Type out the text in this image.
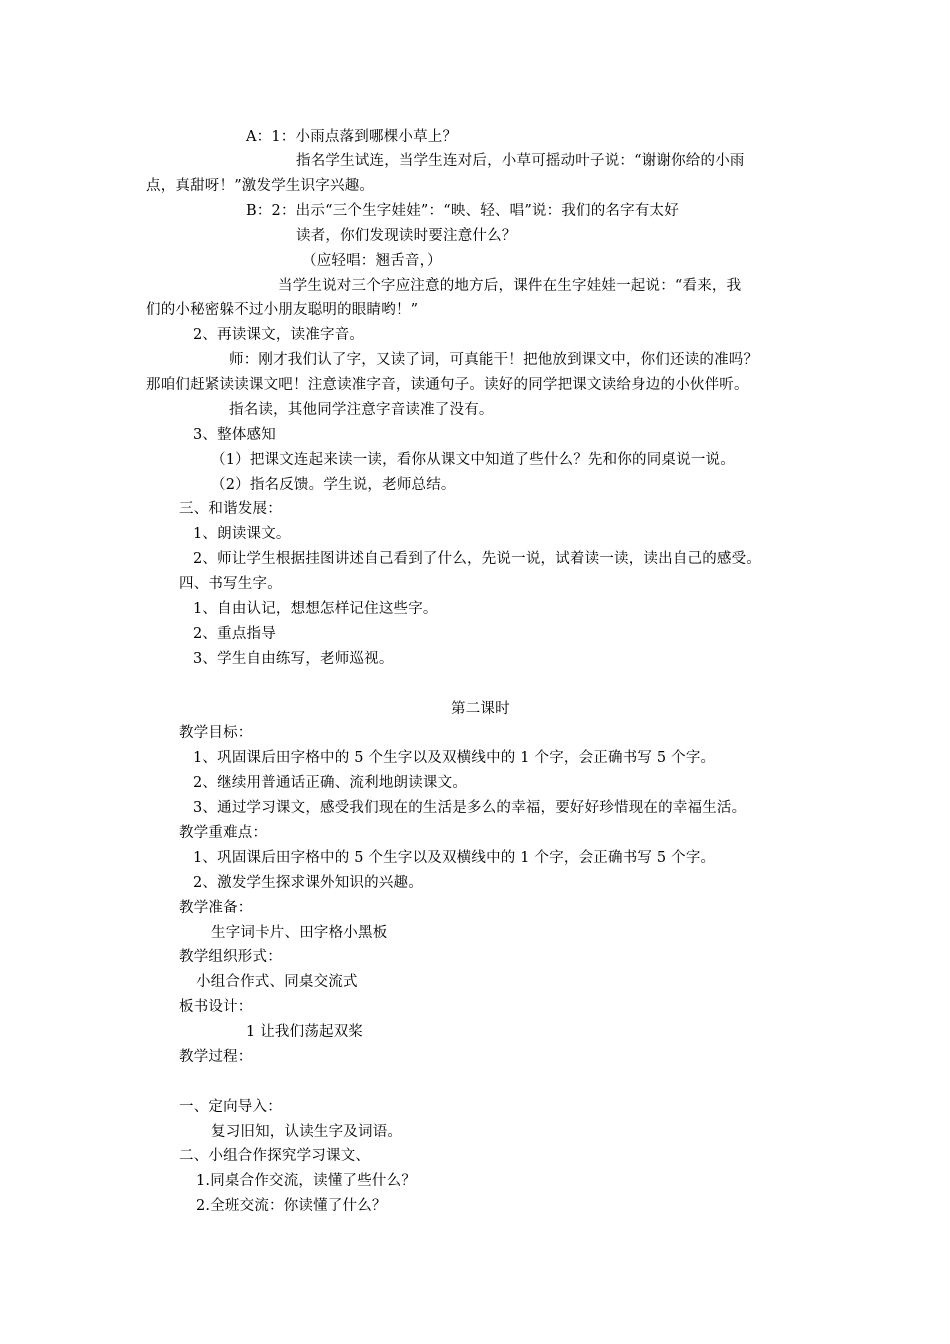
A：1：小雨点落到哪棵小草上？
指名学生试连，当学生连对后，小草可摇动叶子说：“谢谢你给的小雨
点，真甜呀！”激发学生识字兴趣。
B：2：出示“三个生字娃娃”：“映、轻、唱”说：我们的名字有太好
读者，你们发现读时要注意什么？
（应轻唱：翘舌音，）
当学生说对三个字应注意的地方后，课件在生字娃娃一起说：“看来，我
们的小秘密躲不过小朋友聪明的眼睛哟！”
2、再读课文，读准字音。
师：刚才我们认了字，又读了词，可真能干！把他放到课文中，你们还读的准吗？
那咱们赶紧读读课文吧！注意读准字音，读通句子。读好的同学把课文读给身边的小伙伴听。
指名读，其他同学注意字音读准了没有。
3、整体感知
（1）把课文连起来读一读，看你从课文中知道了些什么？先和你的同桌说一说。
（2）指名反馈。学生说，老师总结。
三、和谐发展：
1、朗读课文。
2、师让学生根据挂图讲述自己看到了什么，先说一说，试着读一读，读出自己的感受。
四、书写生字。
1、自由认记，想想怎样记住这些字。
2、重点指导
3、学生自由练写，老师巡视。
第二课时
教学目标：
1、巩固课后田字格中的 5 个生字以及双横线中的 1 个字，会正确书写 5 个字。
2、继续用普通话正确、流利地朗读课文。
3、通过学习课文，感受我们现在的生活是多么的幸福，要好好珍惜现在的幸福生活。
教学重难点：
1、巩固课后田字格中的 5 个生字以及双横线中的 1 个字，会正确书写 5 个字。
2、激发学生探求课外知识的兴趣。
教学准备：
生字词卡片、田字格小黑板
教学组织形式：
小组合作式、同桌交流式
板书设计：
1 让我们荡起双桨
教学过程：
一、定向导入：
复习旧知，认读生字及词语。
二、小组合作探究学习课文、
1.同桌合作交流，读懂了些什么？
2.全班交流：你读懂了什么？
